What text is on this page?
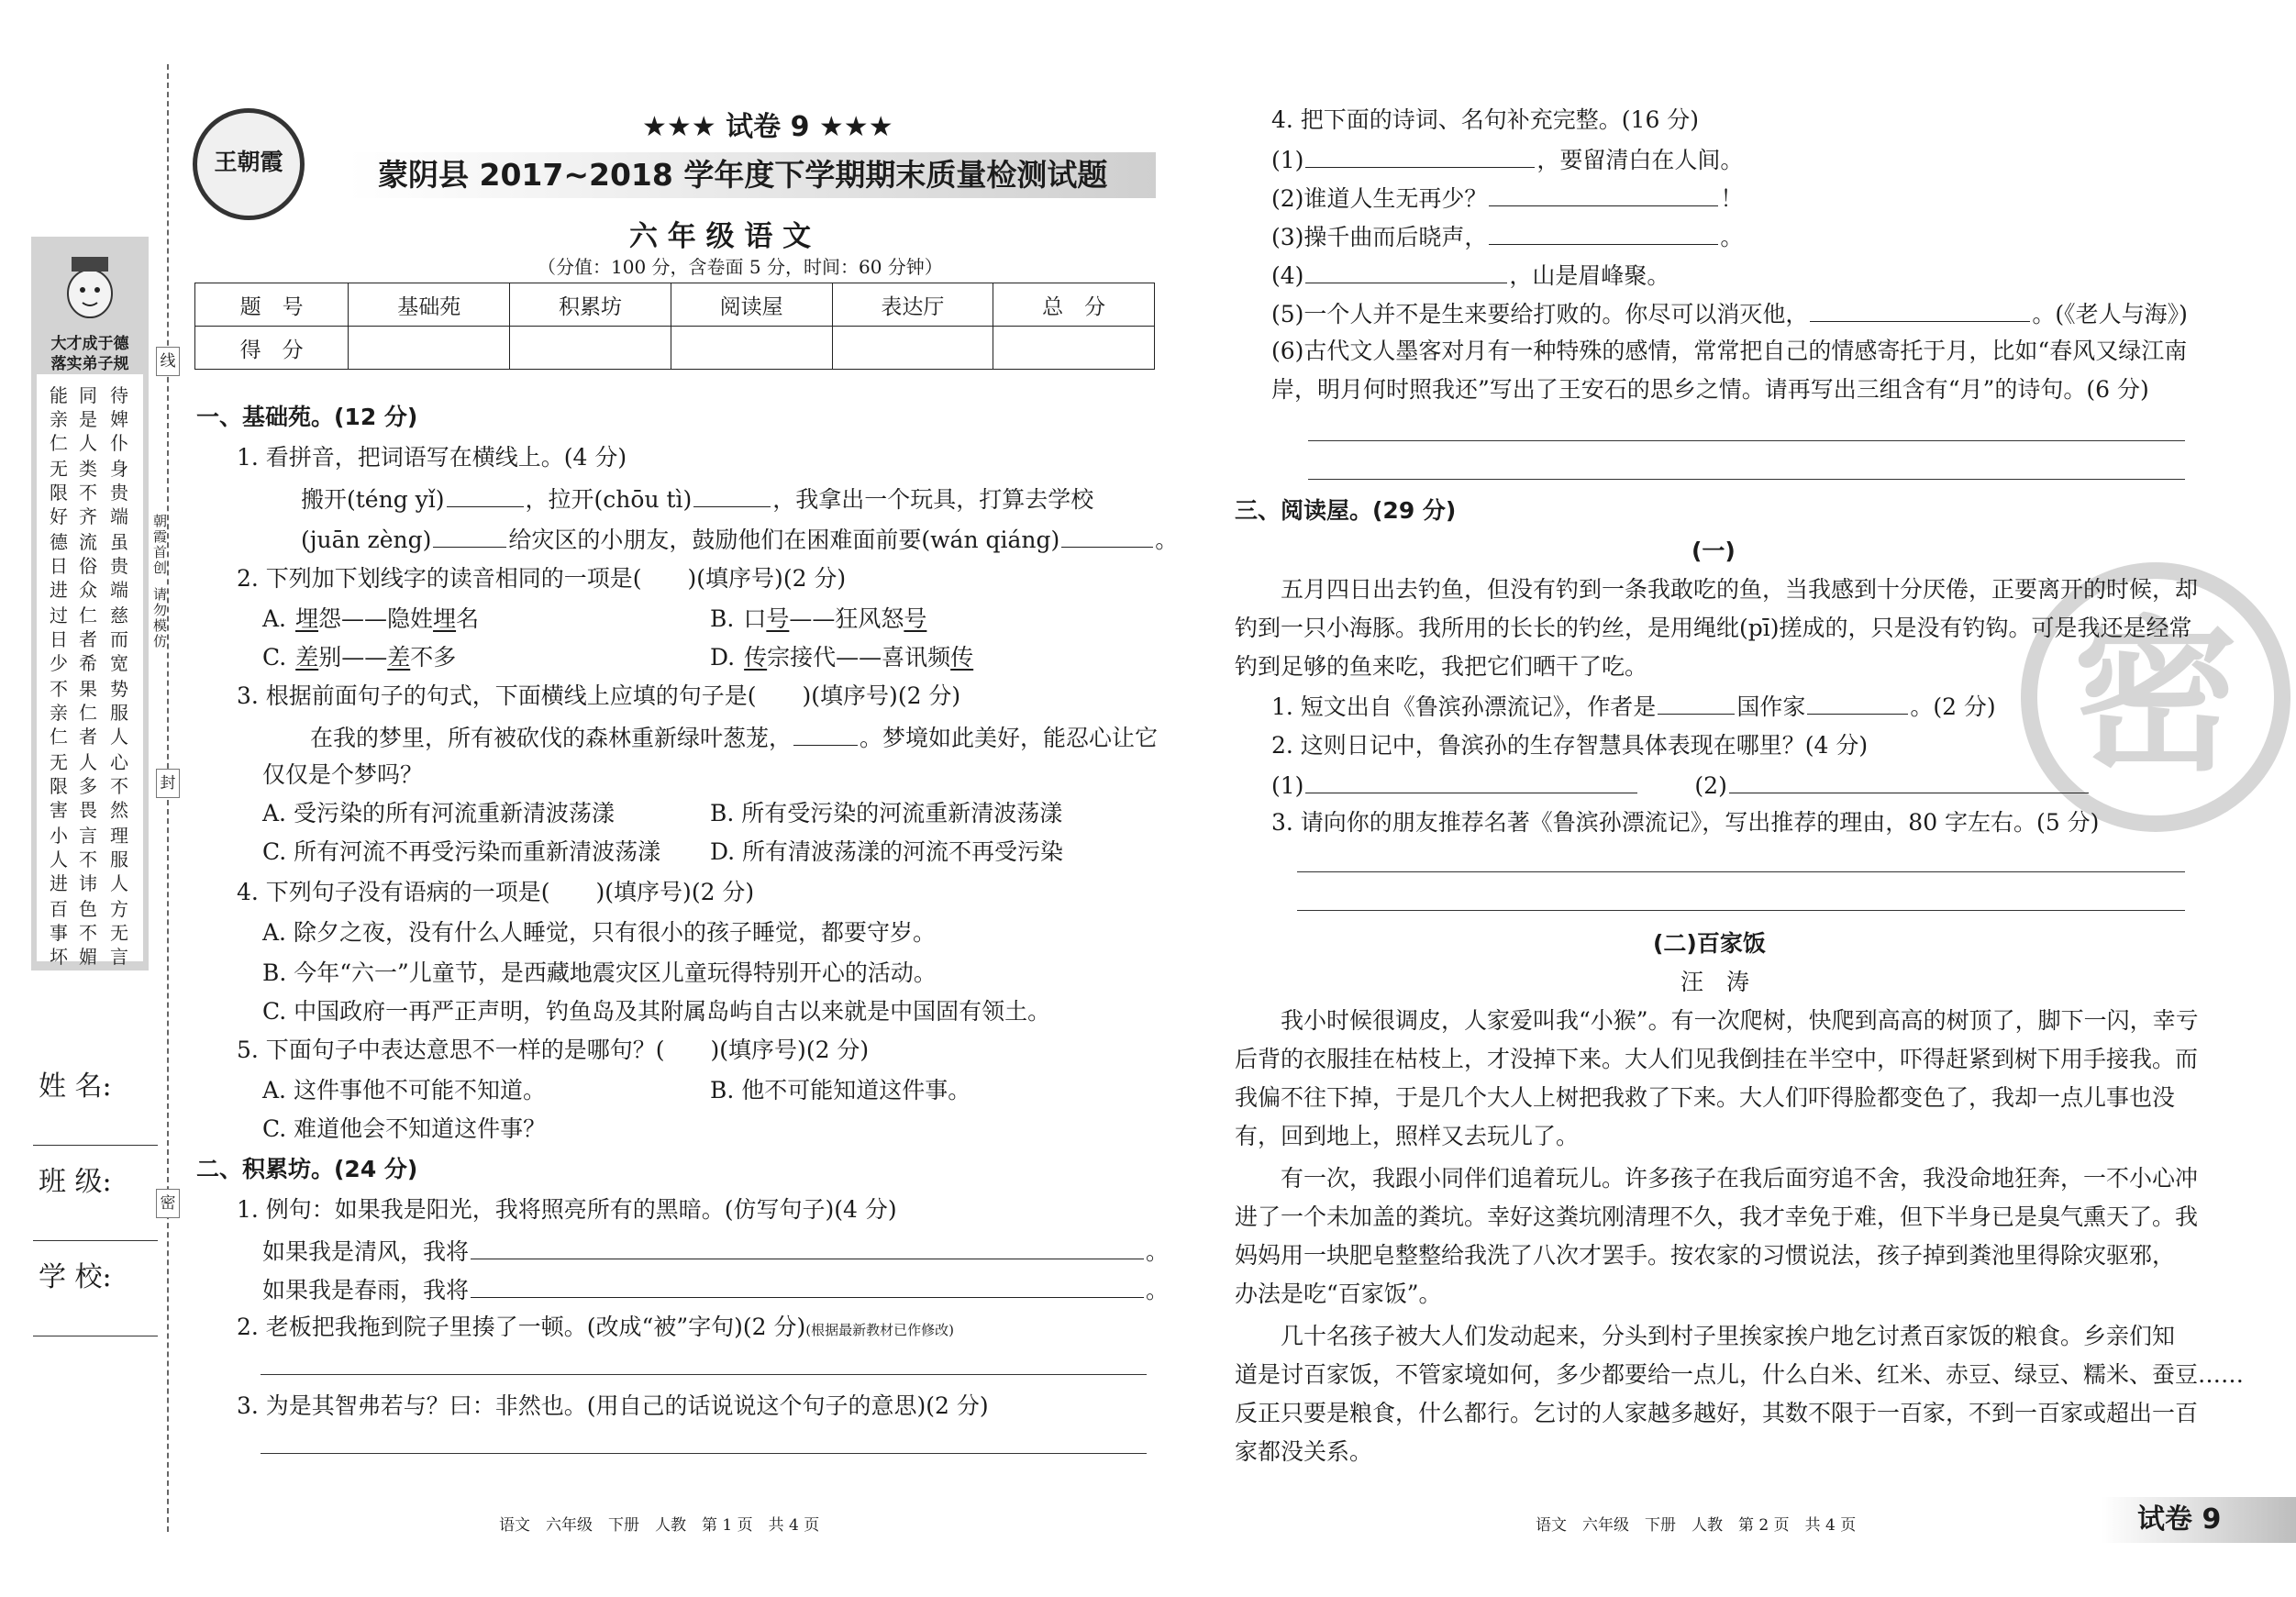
线
封
密
朝霞首创
请勿模仿
大才成于德
落实弟子规
能亲仁
无限好
德日进
过日少
不亲仁
无限害
小人进
百事坏
同是人
类不齐
流俗众
仁者希
果仁者
人多畏
言不讳
色不媚
待婢仆
身贵端
虽贵端
慈而宽
势服人
心不然
理服人
方无言
姓 名:
班 级:
学 校:
王朝霞
★★★ 试卷 9 ★★★
蒙阴县 2017~2018 学年度下学期期末质量检测试题
六 年 级 语 文
（分值：100 分，含卷面 5 分，时间：60 分钟）
题　号	基础苑	积累坊	阅读屋	表达厅	总　分
得　分					
一、基础苑。(12 分)
1. 看拼音，把词语写在横线上。(4 分)
搬开(téng yǐ)	，拉开(chōu tì)	，我拿出一个玩具，打算去学校
(juān zèng)	给灾区的小朋友，鼓励他们在困难面前要(wán qiáng)	。
2. 下列加下划线字的读音相同的一项是(　　)(填序号)(2 分)
A. 埋怨——隐姓埋名	B. 口号——狂风怒号
C. 差别——差不多	D. 传宗接代——喜讯频传
3. 根据前面句子的句式，下面横线上应填的句子是(　　)(填序号)(2 分)
在我的梦里，所有被砍伐的森林重新绿叶葱茏，	。梦境如此美好，能忍心让它
仅仅是个梦吗？
A. 受污染的所有河流重新清波荡漾	B. 所有受污染的河流重新清波荡漾
C. 所有河流不再受污染而重新清波荡漾 D. 所有清波荡漾的河流不再受污染
4. 下列句子没有语病的一项是(　　)(填序号)(2 分)
A. 除夕之夜，没有什么人睡觉，只有很小的孩子睡觉，都要守岁。
B. 今年“六一”儿童节，是西藏地震灾区儿童玩得特别开心的活动。
C. 中国政府一再严正声明，钓鱼岛及其附属岛屿自古以来就是中国固有领土。
5. 下面句子中表达意思不一样的是哪句？(　　)(填序号)(2 分)
A. 这件事他不可能不知道。	B. 他不可能知道这件事。
C. 难道他会不知道这件事？
二、积累坊。(24 分)
1. 例句：如果我是阳光，我将照亮所有的黑暗。(仿写句子)(4 分)
如果我是清风，我将	。
如果我是春雨，我将	。
2. 老板把我拖到院子里揍了一顿。(改成“被”字句)(2 分)(根据最新教材已作修改)
3. 为是其智弗若与？曰：非然也。(用自己的话说说这个句子的意思)(2 分)
语文　六年级　下册　人教　第 1 页　共 4 页
密
4. 把下面的诗词、名句补充完整。(16 分)
(1)	，要留清白在人间。
(2)谁道人生无再少？	！
(3)操千曲而后晓声，	。
(4)	，山是眉峰聚。
(5)一个人并不是生来要给打败的。你尽可以消灭他，	。(《老人与海》)
(6)古代文人墨客对月有一种特殊的感情，常常把自己的情感寄托于月，比如“春风又绿江南
岸，明月何时照我还”写出了王安石的思乡之情。请再写出三组含有“月”的诗句。(6 分)
三、阅读屋。(29 分)
(一)
五月四日出去钓鱼，但没有钓到一条我敢吃的鱼，当我感到十分厌倦，正要离开的时候，却
钓到一只小海豚。我所用的长长的钓丝，是用绳纰(pī)搓成的，只是没有钓钩。可是我还是经常
钓到足够的鱼来吃，我把它们晒干了吃。
1. 短文出自《鲁滨孙漂流记》，作者是	国作家	。(2 分)
2. 这则日记中，鲁滨孙的生存智慧具体表现在哪里？(4 分)
(1)	(2)
3. 请向你的朋友推荐名著《鲁滨孙漂流记》，写出推荐的理由，80 字左右。(5 分)
(二)百家饭
汪　涛
我小时候很调皮，人家爱叫我“小猴”。有一次爬树，快爬到高高的树顶了，脚下一闪，幸亏
后背的衣服挂在枯枝上，才没掉下来。大人们见我倒挂在半空中，吓得赶紧到树下用手接我。而
我偏不往下掉，于是几个大人上树把我救了下来。大人们吓得脸都变色了，我却一点儿事也没
有，回到地上，照样又去玩儿了。
有一次，我跟小同伴们追着玩儿。许多孩子在我后面穷追不舍，我没命地狂奔，一不小心冲
进了一个未加盖的粪坑。幸好这粪坑刚清理不久，我才幸免于难，但下半身已是臭气熏天了。我
妈妈用一块肥皂整整给我洗了八次才罢手。按农家的习惯说法，孩子掉到粪池里得除灾驱邪，
办法是吃“百家饭”。
几十名孩子被大人们发动起来，分头到村子里挨家挨户地乞讨煮百家饭的粮食。乡亲们知
道是讨百家饭，不管家境如何，多少都要给一点儿，什么白米、红米、赤豆、绿豆、糯米、蚕豆……
反正只要是粮食，什么都行。乞讨的人家越多越好，其数不限于一百家，不到一百家或超出一百
家都没关系。
语文　六年级　下册　人教　第 2 页　共 4 页	试卷 9
